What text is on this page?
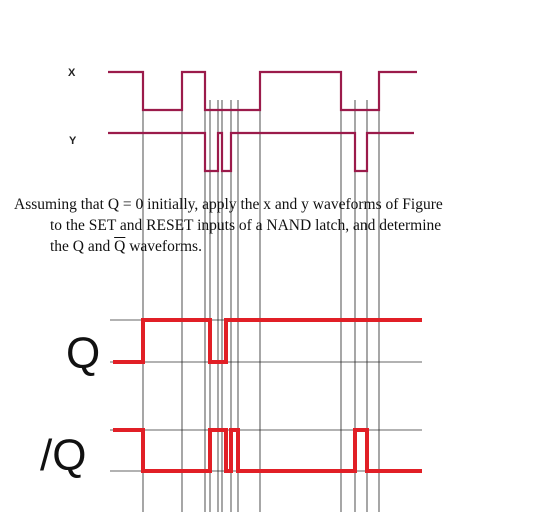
X
Y
Q
/Q
Assuming that Q = 0 initially, apply the x and y waveforms of Figure
to the SET and RESET inputs of a NAND latch, and determine
the Q and $\overline{Q}$ waveforms.
